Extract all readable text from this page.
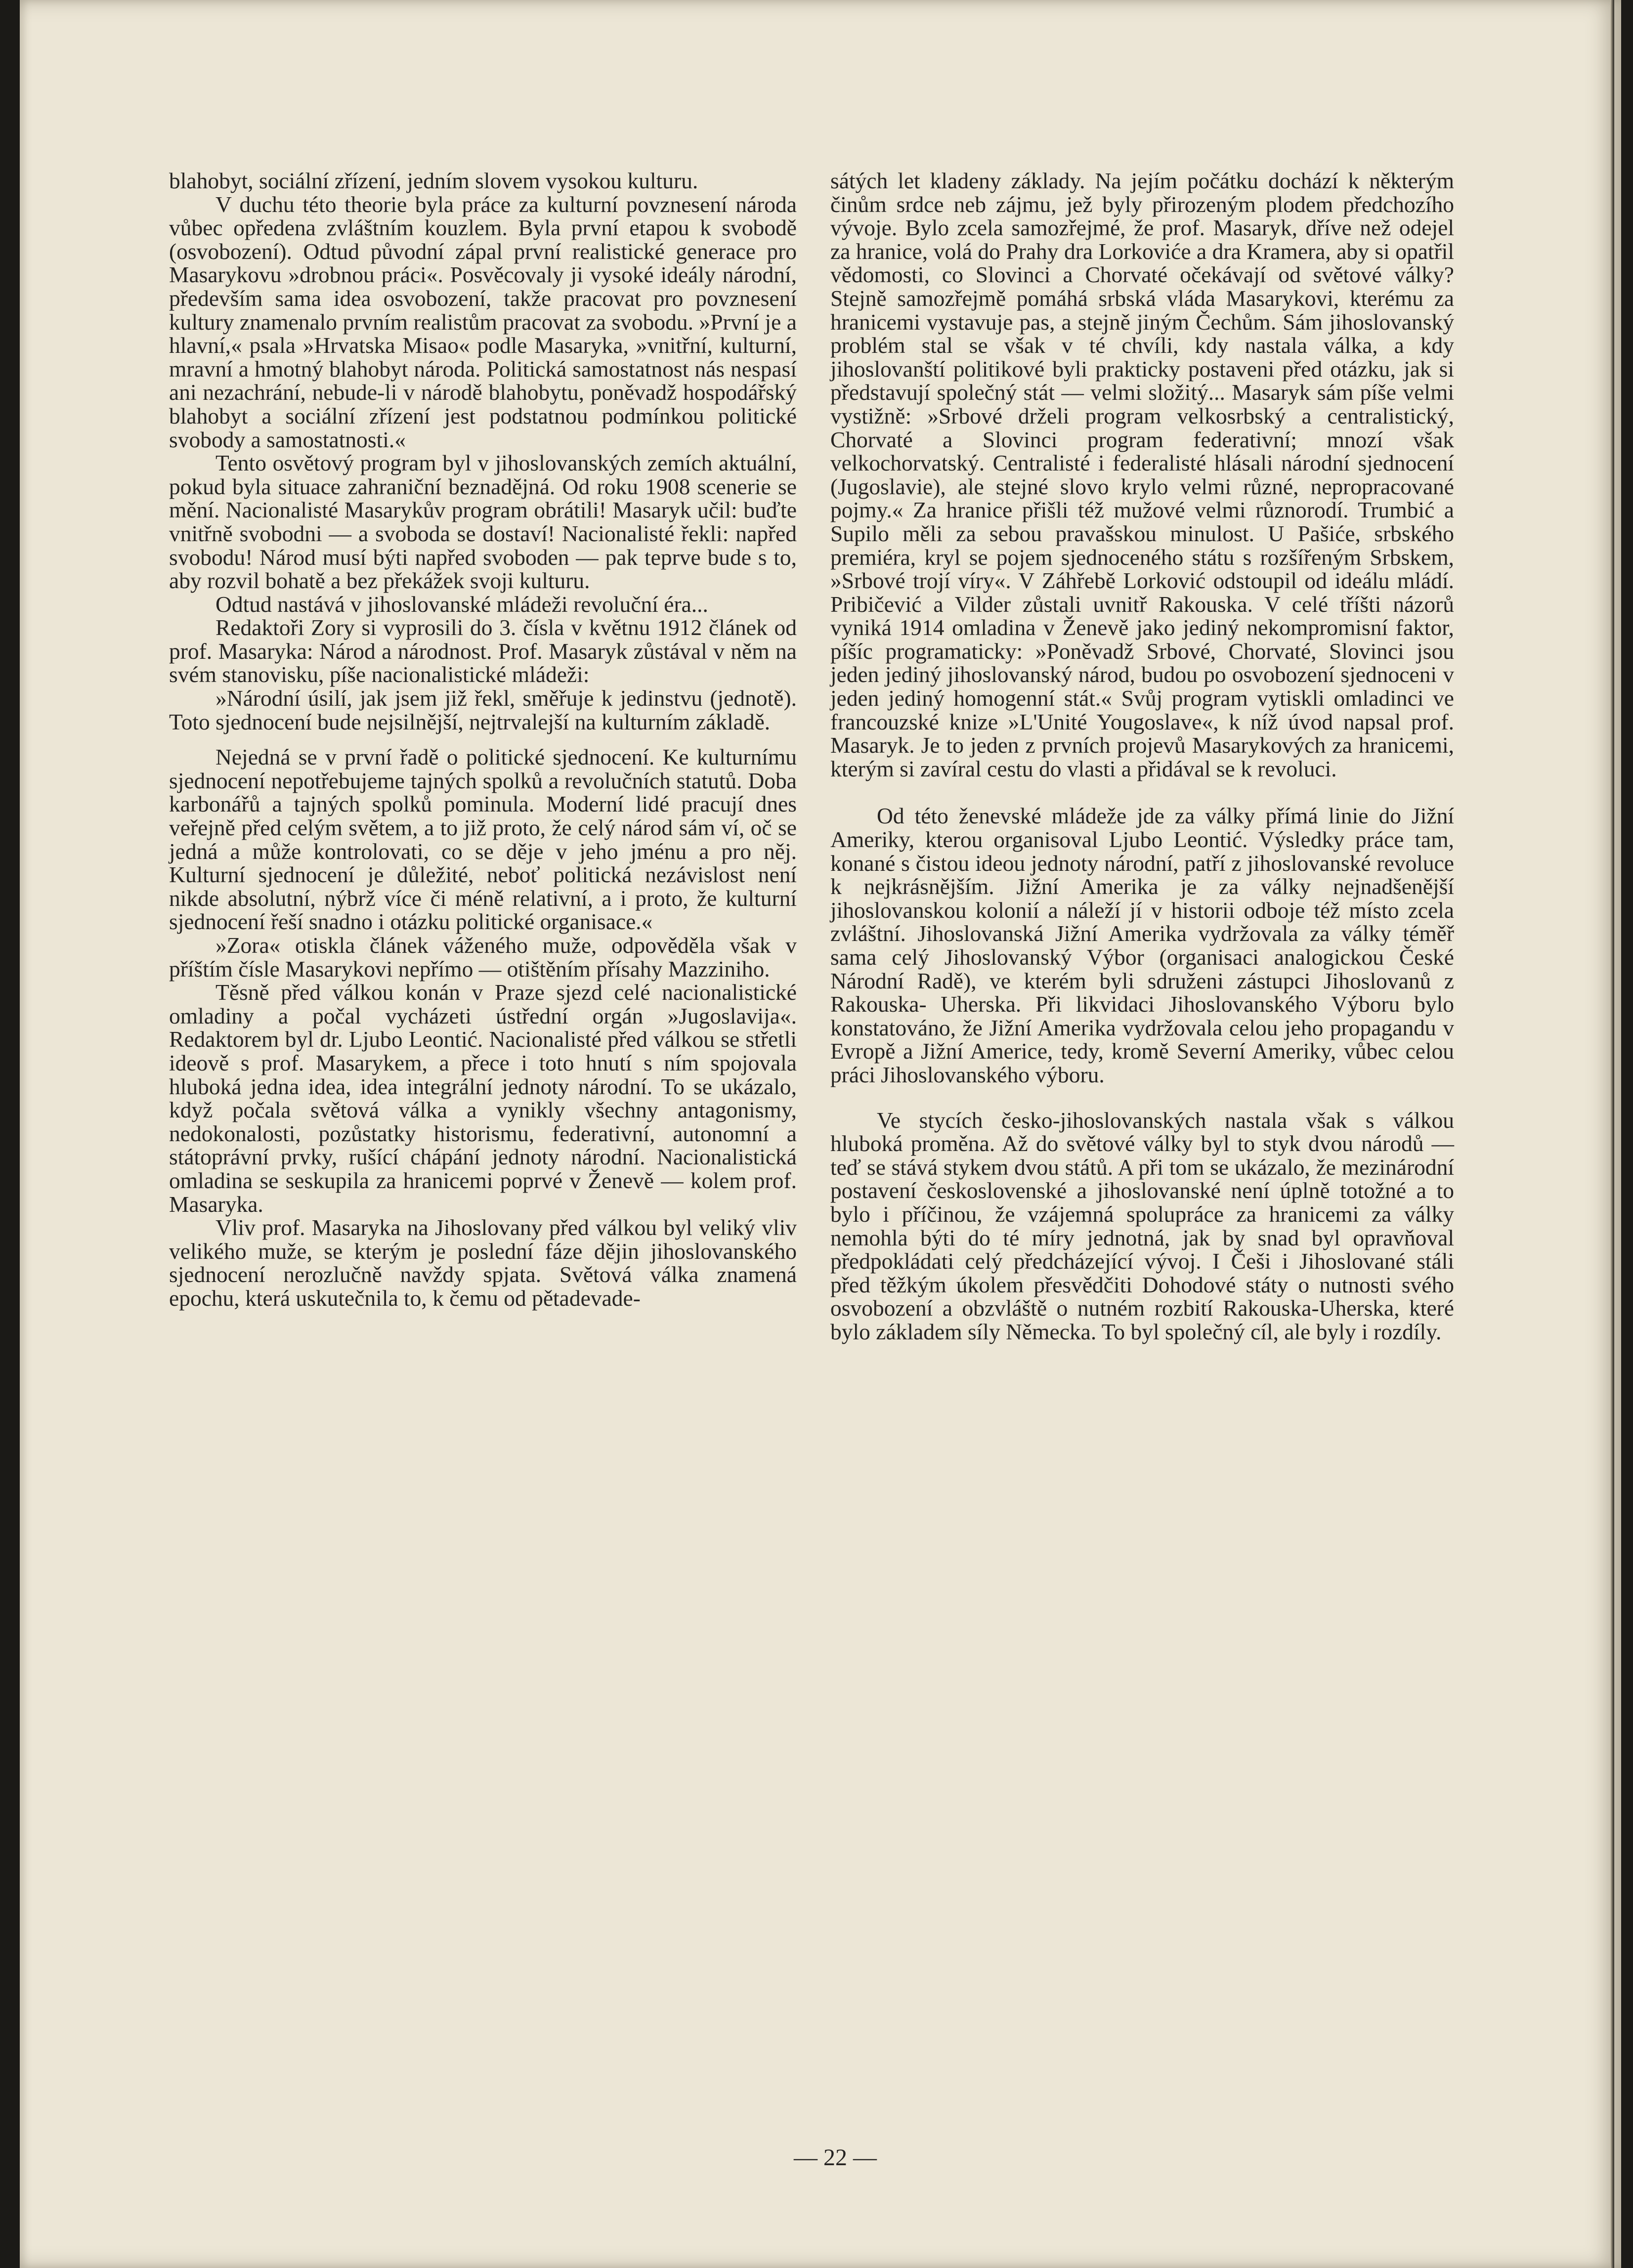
blahobyt, sociální zřízení, jedním slovem vysokou kulturu.

V duchu této theorie byla práce za kulturní povznesení národa vůbec opředena zvláštním kouzlem. Byla první etapou k svobodě (osvobození). Odtud původní zápal první realistické generace pro Masarykovu »drobnou práci«. Posvěcovaly ji vysoké ideály národní, především sama idea osvobození, takže pracovat pro povznesení kultury znamenalo prvním realistům pracovat za svobodu. »První je a hlavní,« psala »Hrvatska Misao« podle Masaryka, »vnitřní, kulturní, mravní a hmotný blahobyt národa. Politická samostatnost nás nespasí ani nezachrání, nebude-li v národě blahobytu, poněvadž hospodářský blahobyt a sociální zřízení jest podstatnou podmínkou politické svobody a samostatnosti.«

Tento osvětový program byl v jihoslovanských zemích aktuální, pokud byla situace zahraniční beznadějná. Od roku 1908 scenerie se mění. Nacionalisté Masarykův program obrátili! Masaryk učil: buďte vnitřně svobodni — a svoboda se dostaví! Nacionalisté řekli: napřed svobodu! Národ musí býti napřed svoboden — pak teprve bude s to, aby rozvil bohatě a bez překážek svoji kulturu.

Odtud nastává v jihoslovanské mládeži revoluční éra...

Redaktoři Zory si vyprosili do 3. čísla v květnu 1912 článek od prof. Masaryka: Národ a národnost. Prof. Masaryk zůstával v něm na svém stanovisku, píše nacionalistické mládeži:

»Národní úsilí, jak jsem již řekl, směřuje k jedinstvu (jednotě). Toto sjednocení bude nejsilnější, nejtrvalejší na kulturním základě.

Nejedná se v první řadě o politické sjednocení. Ke kulturnímu sjednocení nepotřebujeme tajných spolků a revolučních statutů. Doba karbonářů a tajných spolků pominula. Moderní lidé pracují dnes veřejně před celým světem, a to již proto, že celý národ sám ví, oč se jedná a může kontrolovati, co se děje v jeho jménu a pro něj. Kulturní sjednocení je důležité, neboť politická nezávislost není nikde absolutní, nýbrž více či méně relativní, a i proto, že kulturní sjednocení řeší snadno i otázku politické organisace.«

»Zora« otiskla článek váženého muže, odpověděla však v příštím čísle Masarykovi nepřímo — otištěním přísahy Mazziniho.

Těsně před válkou konán v Praze sjezd celé nacionalistické omladiny a počal vycházeti ústřední orgán »Jugoslavija«. Redaktorem byl dr. Ljubo Leontić. Nacionalisté před válkou se střetli ideově s prof. Masarykem, a přece i toto hnutí s ním spojovala hluboká jedna idea, idea integrální jednoty národní. To se ukázalo, když počala světová válka a vynikly všechny antagonismy, nedokonalosti, pozůstatky historismu, federativní, autonomní a státoprávní prvky, rušící chápání jednoty národní. Nacionalistická omladina se seskupila za hranicemi poprvé v Ženevě — kolem prof. Masaryka.

Vliv prof. Masaryka na Jihoslovany před válkou byl veliký vliv velikého muže, se kterým je poslední fáze dějin jihoslovanského sjednocení nerozlučně navždy spjata. Světová válka znamená epochu, která uskutečnila to, k čemu od pětadevade-

sátých let kladeny základy. Na jejím počátku dochází k některým činům srdce neb zájmu, jež byly přirozeným plodem předchozího vývoje. Bylo zcela samozřejmé, že prof. Masaryk, dříve než odejel za hranice, volá do Prahy dra Lorkoviće a dra Kramera, aby si opatřil vědomosti, co Slovinci a Chorvaté očekávají od světové války? Stejně samozřejmě pomáhá srbská vláda Masarykovi, kterému za hranicemi vystavuje pas, a stejně jiným Čechům. Sám jihoslovanský problém stal se však v té chvíli, kdy nastala válka, a kdy jihoslovanští politikové byli prakticky postaveni před otázku, jak si představují společný stát — velmi složitý... Masaryk sám píše velmi vystižně: »Srbové drželi program velkosrbský a centralistický, Chorvaté a Slovinci program federativní; mnozí však velkochorvatský. Centralisté i federalisté hlásali národní sjednocení (Jugoslavie), ale stejné slovo krylo velmi různé, nepropracované pojmy.« Za hranice přišli též mužové velmi různorodí. Trumbić a Supilo měli za sebou pravašskou minulost. U Pašiće, srbského premiéra, kryl se pojem sjednoceného státu s rozšířeným Srbskem, »Srbové trojí víry«. V Záhřebě Lorković odstoupil od ideálu mládí. Pribičević a Vilder zůstali uvnitř Rakouska. V celé tříšti názorů vyniká 1914 omladina v Ženevě jako jediný nekompromisní faktor, píšíc programaticky: »Poněvadž Srbové, Chorvaté, Slovinci jsou jeden jediný jihoslovanský národ, budou po osvobození sjednoceni v jeden jediný homogenní stát.« Svůj program vytiskli omladinci ve francouzské knize »L'Unité Yougoslave«, k níž úvod napsal prof. Masaryk. Je to jeden z prvních projevů Masarykových za hranicemi, kterým si zavíral cestu do vlasti a přidával se k revoluci.

Od této ženevské mládeže jde za války přímá linie do Jižní Ameriky, kterou organisoval Ljubo Leontić. Výsledky práce tam, konané s čistou ideou jednoty národní, patří z jihoslovanské revoluce k nejkrásnějším. Jižní Amerika je za války nejnadšenější jihoslovanskou kolonií a náleží jí v historii odboje též místo zcela zvláštní. Jihoslovanská Jižní Amerika vydržovala za války téměř sama celý Jihoslovanský Výbor (organisaci analogickou České Národní Radě), ve kterém byli sdruženi zástupci Jihoslovanů z Rakouska- Uherska. Při likvidaci Jihoslovanského Výboru bylo konstatováno, že Jižní Amerika vydržovala celou jeho propagandu v Evropě a Jižní Americe, tedy, kromě Severní Ameriky, vůbec celou práci Jihoslovanského výboru.

Ve stycích česko-jihoslovanských nastala však s válkou hluboká proměna. Až do světové války byl to styk dvou národů — teď se stává stykem dvou států. A při tom se ukázalo, že mezinárodní postavení československé a jihoslovanské není úplně totožné a to bylo i příčinou, že vzájemná spolupráce za hranicemi za války nemohla býti do té míry jednotná, jak by snad byl opravňoval předpokládati celý předcházející vývoj. I Češi i Jihoslované stáli před těžkým úkolem přesvědčiti Dohodové státy o nutnosti svého osvobození a obzvláště o nutném rozbití Rakouska-Uherska, které bylo základem síly Německa. To byl společný cíl, ale byly i rozdíly.

— 22 —
